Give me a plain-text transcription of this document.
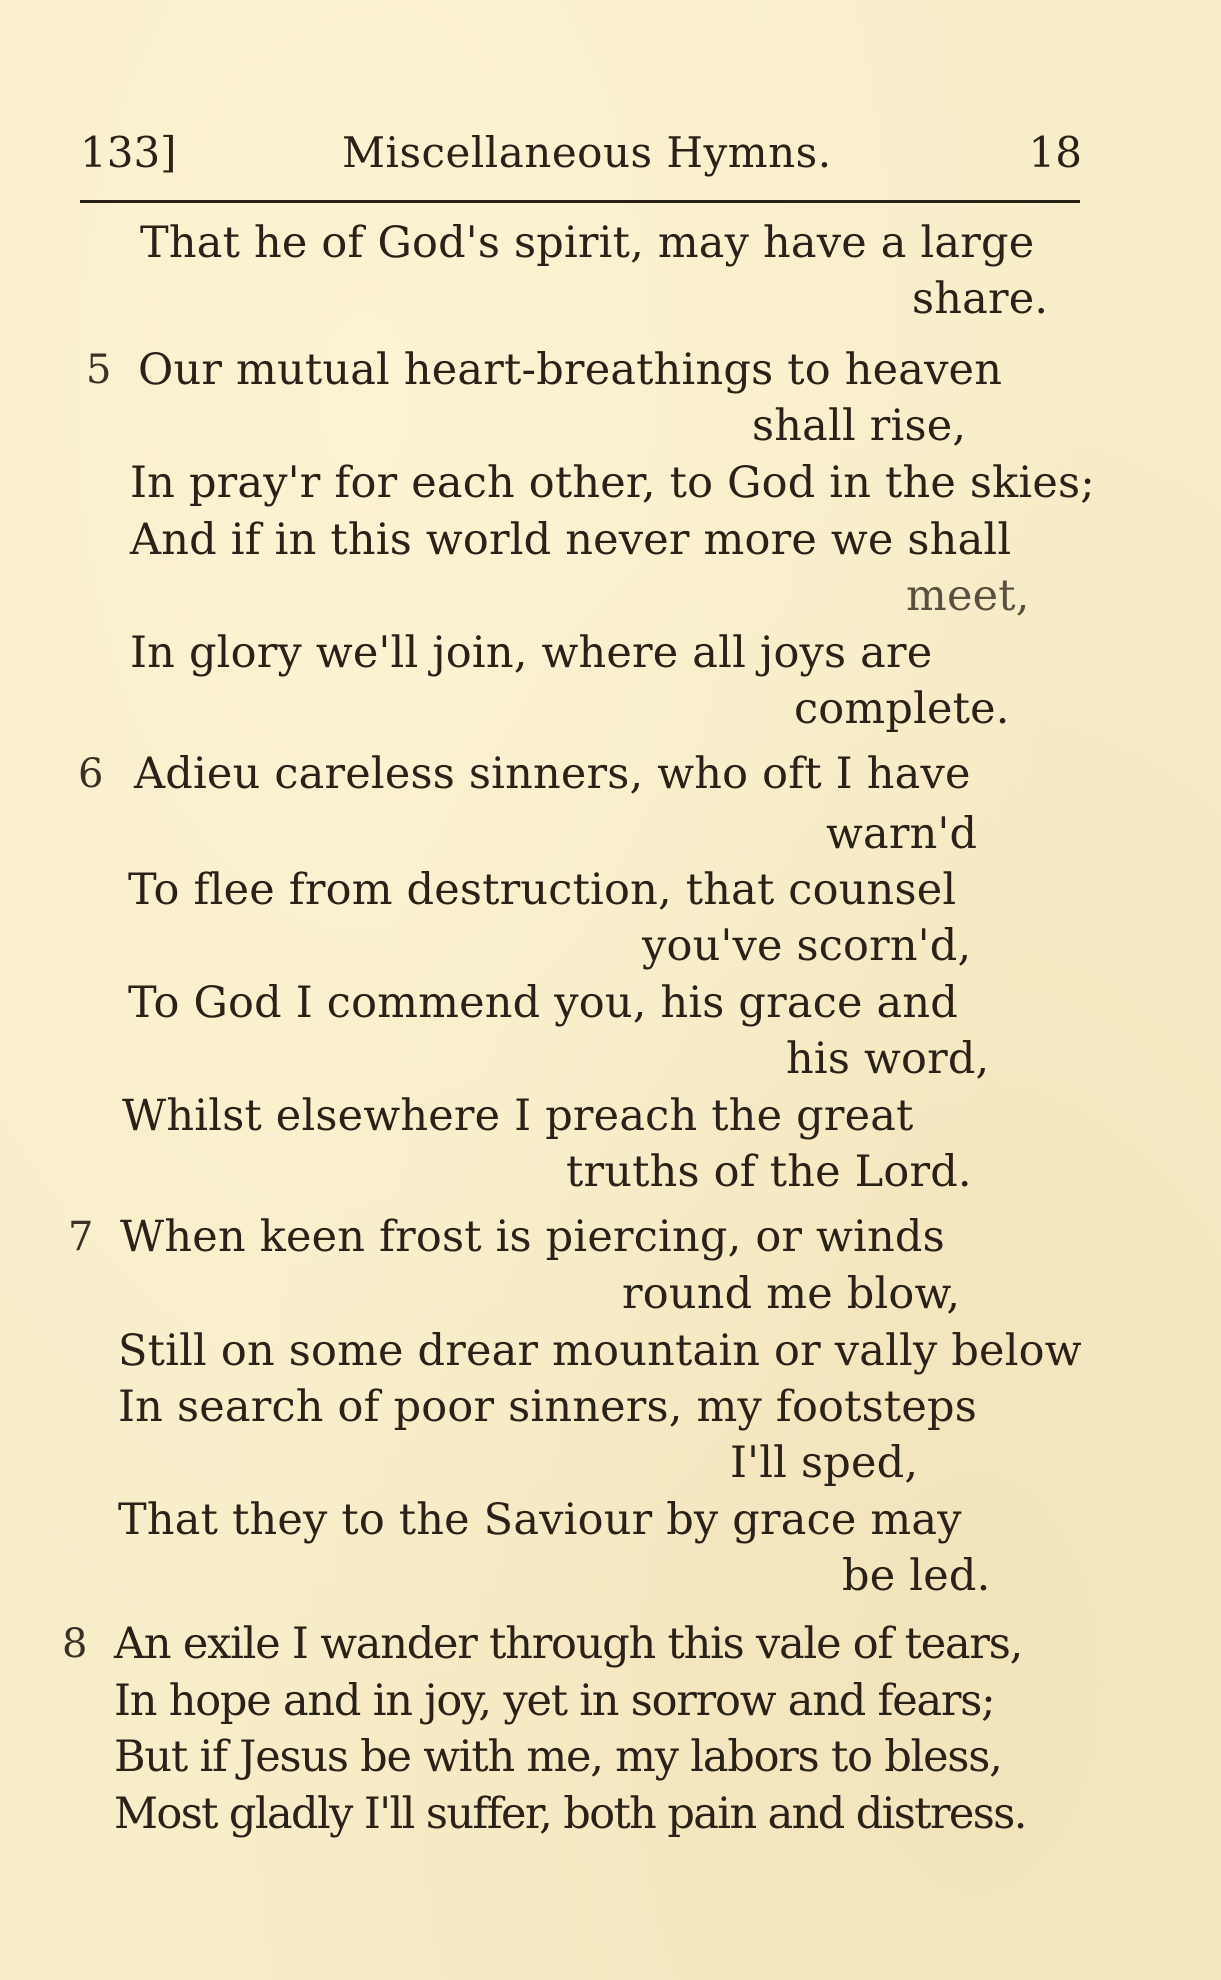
133]	Miscellaneous Hymns.	18
That he of God's spirit, may have a large
share.
5 Our mutual heart-breathings to heaven
shall rise,
In pray'r for each other, to God in the skies;
And if in this world never more we shall
meet,
In glory we'll join, where all joys are
complete.
6 Adieu careless sinners, who oft I have
warn'd
To flee from destruction, that counsel
you've scorn'd,
To God I commend you, his grace and
his word,
Whilst elsewhere I preach the great
truths of the Lord.
7 When keen frost is piercing, or winds
round me blow,
Still on some drear mountain or vally below
In search of poor sinners, my footsteps
I'll sped,
That they to the Saviour by grace may
be led.
8 An exile I wander through this vale of tears,
In hope and in joy, yet in sorrow and fears;
But if Jesus be with me, my labors to bless,
Most gladly I'll suffer, both pain and distress.
